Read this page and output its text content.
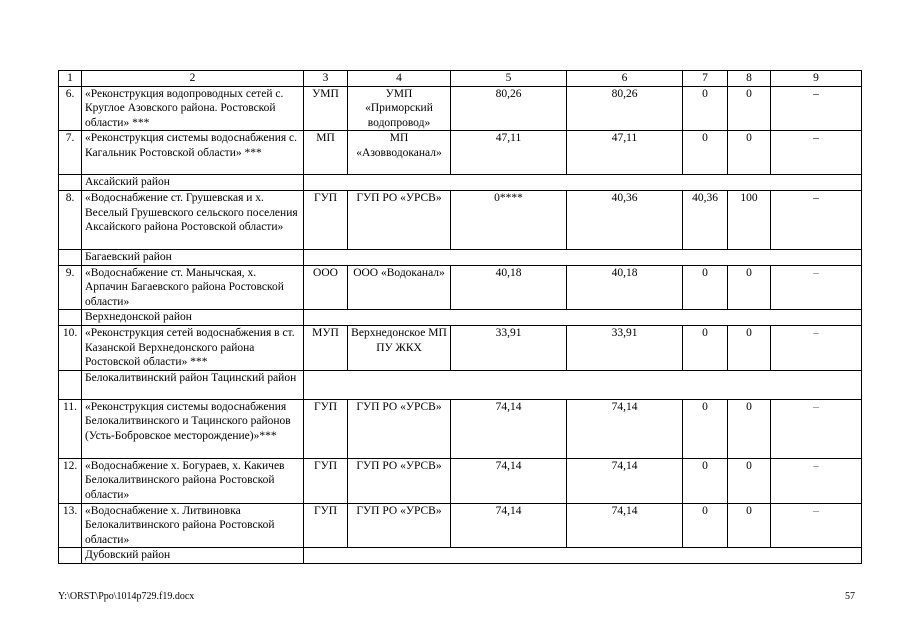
1	2	3	4	5	6	7	8	9
6.	«Реконструкция водопроводных сетей с. Круглое Азовского района. Ростовской области» ***	УМП	УМП «Приморский водопровод»	80,26	80,26	0	0	–
7.	«Реконструкция системы водоснабжения с. Кагальник Ростовской области» ***	МП	МП «Азовводоканал»	47,11	47,11	0	0	–
	Аксайский район							
8.	«Водоснабжение ст. Грушевская и х. Веселый Грушевского сельского поселения Аксайского района Ростовской области»	ГУП	ГУП РО «УРСВ»	0****	40,36	40,36	100	–
	Багаевский район							
9.	«Водоснабжение ст. Манычская, х. Арпачин Багаевского района Ростовской области»	ООО	ООО «Водоканал»	40,18	40,18	0	0	–
	Верхнедонской район							
10.	«Реконструкция сетей водоснабжения в ст. Казанской Верхнедонского района Ростовской области» ***	МУП	Верхнедонское МП ПУ ЖКХ	33,91	33,91	0	0	–
	Белокалитвинский район Тацинский район							
11.	«Реконструкция системы водоснабжения Белокалитвинского и Тацинского районов (Усть-Бобровское месторождение)»***	ГУП	ГУП РО «УРСВ»	74,14	74,14	0	0	–
12.	«Водоснабжение х. Богураев, х. Какичев Белокалитвинского района Ростовской области»	ГУП	ГУП РО «УРСВ»	74,14	74,14	0	0	–
13.	«Водоснабжение х. Литвиновка Белокалитвинского района Ростовской области»	ГУП	ГУП РО «УРСВ»	74,14	74,14	0	0	–
	Дубовский район							
Y:\ORST\Ppo\1014p729.f19.docx	57
